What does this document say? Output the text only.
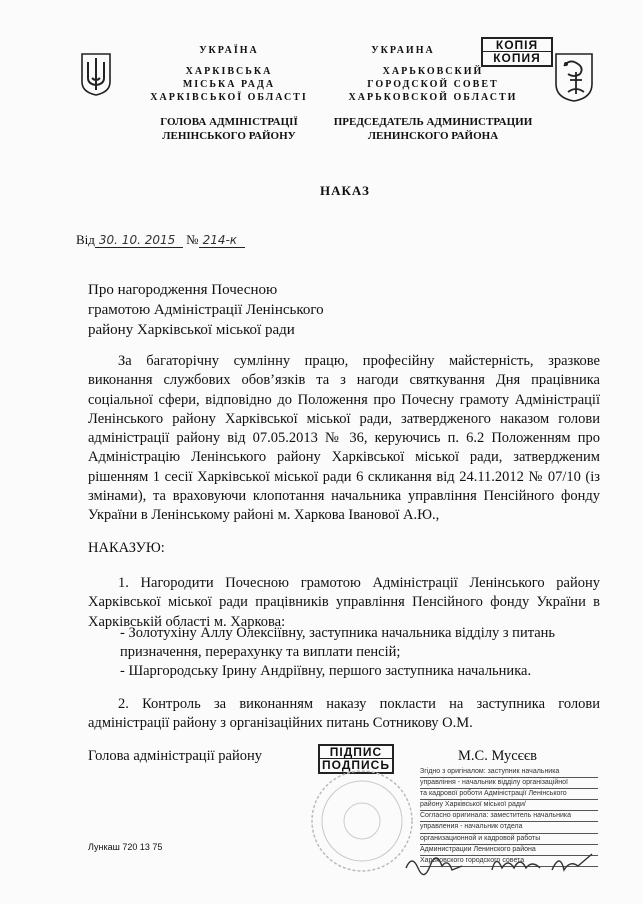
УКРАЇНА
ХАРКІВСЬКА
МІСЬКА РАДА
ХАРКІВСЬКОЇ ОБЛАСТІ
ГОЛОВА АДМІНІСТРАЦІЇ
ЛЕНІНСЬКОГО РАЙОНУ
УКРАИНА
ХАРЬКОВСКИЙ
ГОРОДСКОЙ СОВЕТ
ХАРЬКОВСКОЙ ОБЛАСТИ
ПРЕДСЕДАТЕЛЬ АДМИНИСТРАЦИИ
ЛЕНИНСКОГО РАЙОНА
КОПІЯ
КОПИЯ
НАКАЗ
Від 30. 10. 2015 № 214-к
Про нагородження Почесною
грамотою Адміністрації Ленінського
району Харківської міської ради
За багаторічну сумлінну працю, професійну майстерність, зразкове виконання службових обов’язків та з нагоди святкування Дня працівника соціальної сфери, відповідно до Положення про Почесну грамоту Адміністрації Ленінського району Харківської міської ради, затвердженого наказом голови адміністрації району від 07.05.2013 № 36, керуючись п. 6.2 Положенням про Адміністрацію Ленінського району Харківської міської ради, затвердженим рішенням 1 сесії Харківської міської ради 6 скликання від 24.11.2012 № 07/10 (із змінами), та враховуючи клопотання начальника управління Пенсійного фонду України в Ленінському районі м. Харкова Іванової А.Ю.,
НАКАЗУЮ:
1. Нагородити Почесною грамотою Адміністрації Ленінського району Харківської міської ради працівників управління Пенсійного фонду України в Харківській області м. Харкова:
- Золотухіну Аллу Олексіївну, заступника начальника відділу з питань призначення, перерахунку та виплати пенсій;
- Шаргородську Ірину Андріївну, першого заступника начальника.
2. Контроль за виконанням наказу покласти на заступника голови адміністрації району з організаційних питань Сотникову О.М.
Голова адміністрації району	М.С. Мусєєв
ПІДПИС
ПОДПИСЬ	Згідно з оригіналом: заступник начальника
управління - начальник відділу організаційної
та кадрової роботи Адміністрації Ленінського
району Харківської міської ради/
Согласно оригинала: заместитель начальника
управления - начальник отдела
организационной и кадровой работы
Администрации Ленинского района
Харьковского городского совета
Лункаш 720 13 75
